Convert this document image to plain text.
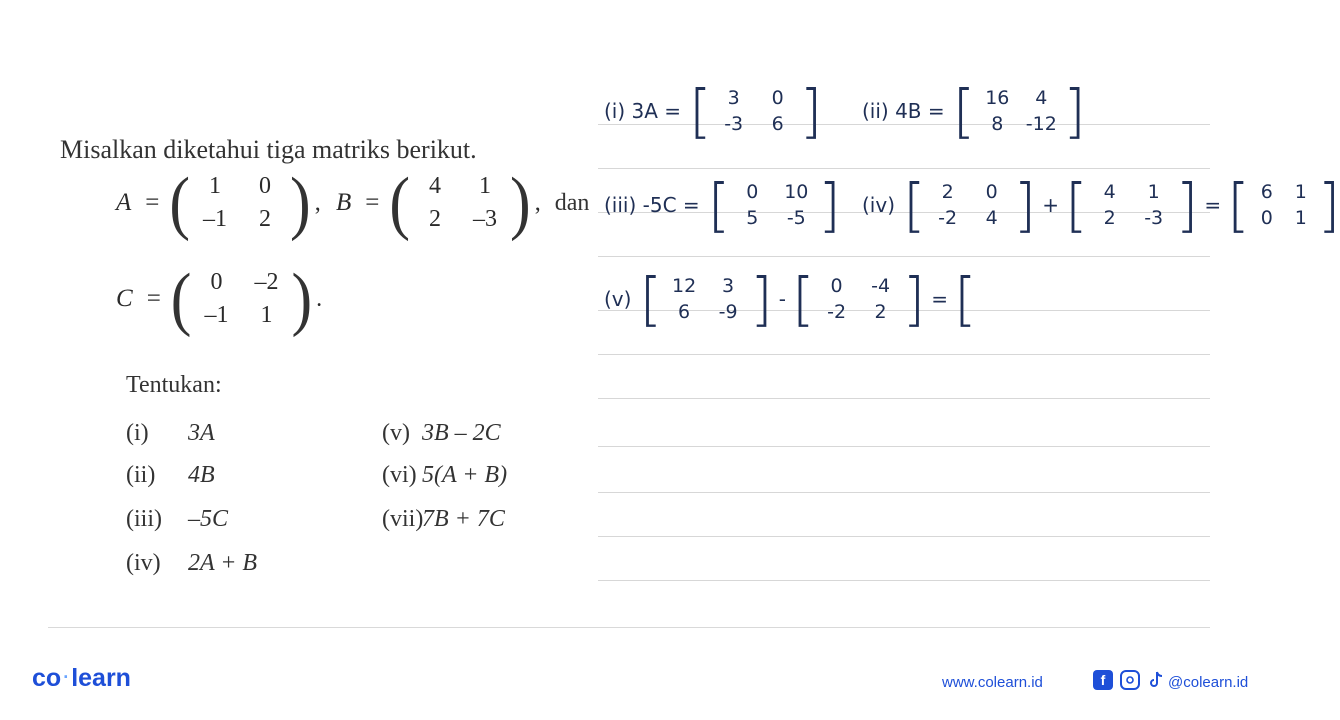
Misalkan diketahui tiga matriks berikut.
A = ( 1	0
–1	2 ) , B = ( 4	1
2	–3 ) , dan
C = ( 0	–2
–1	1 ) .
Tentukan:
(i) 3A
(ii) 4B
(iii) –5C
(iv) 2A + B
(v) 3B – 2C
(vi) 5(A + B)
(vii)7B + 7C
(i) 3A = [ 3	0
-3	6 ] (ii) 4B = [ 16	4
8	-12 ]
(iii) -5C = [ 0	10
5	-5 ] (iv) [ 2	0
-2	4 ] + [ 4	1
2	-3 ] = [ 6	1
0	1 ]
(v) [ 12	3
6	-9 ] - [ 0	-4
-2	2 ] = [
co ·learn	www.colearn.id	f	@colearn.id
